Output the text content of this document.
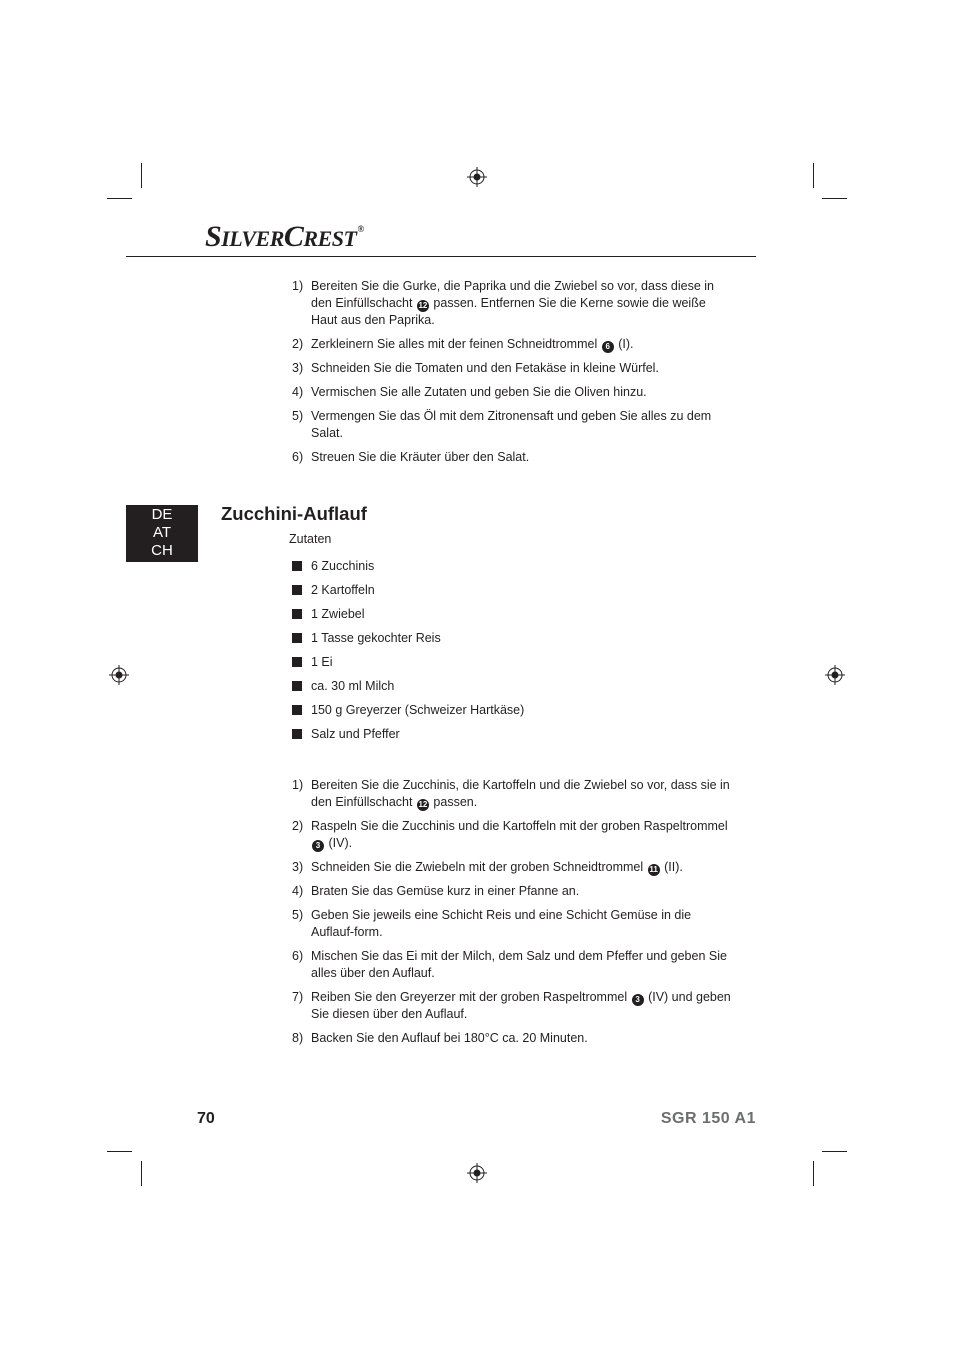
SILVERCREST®
1) Bereiten Sie die Gurke, die Paprika und die Zwiebel so vor, dass diese in den Einfüllschacht 12 passen. Entfernen Sie die Kerne sowie die weiße Haut aus den Paprika.
2) Zerkleinern Sie alles mit der feinen Schneidtrommel 6 (I).
3) Schneiden Sie die Tomaten und den Fetakäse in kleine Würfel.
4) Vermischen Sie alle Zutaten und geben Sie die Oliven hinzu.
5) Vermengen Sie das Öl mit dem Zitronensaft und geben Sie alles zu dem Salat.
6) Streuen Sie die Kräuter über den Salat.
DE
AT
CH
Zucchini-Auflauf
Zutaten
6 Zucchinis
2 Kartoffeln
1 Zwiebel
1 Tasse gekochter Reis
1 Ei
ca. 30 ml Milch
150 g Greyerzer (Schweizer Hartkäse)
Salz und Pfeffer
1) Bereiten Sie die Zucchinis, die Kartoffeln und die Zwiebel so vor, dass sie in den Einfüllschacht 12 passen.
2) Raspeln Sie die Zucchinis und die Kartoffeln mit der groben Raspeltrommel 3 (IV).
3) Schneiden Sie die Zwiebeln mit der groben Schneidtrommel 11 (II).
4) Braten Sie das Gemüse kurz in einer Pfanne an.
5) Geben Sie jeweils eine Schicht Reis und eine Schicht Gemüse in die Auflauf-form.
6) Mischen Sie das Ei mit der Milch, dem Salz und dem Pfeffer und geben Sie alles über den Auflauf.
7) Reiben Sie den Greyerzer mit der groben Raspeltrommel 3 (IV) und geben Sie diesen über den Auflauf.
8) Backen Sie den Auflauf bei 180°C ca. 20 Minuten.
70	SGR 150 A1
